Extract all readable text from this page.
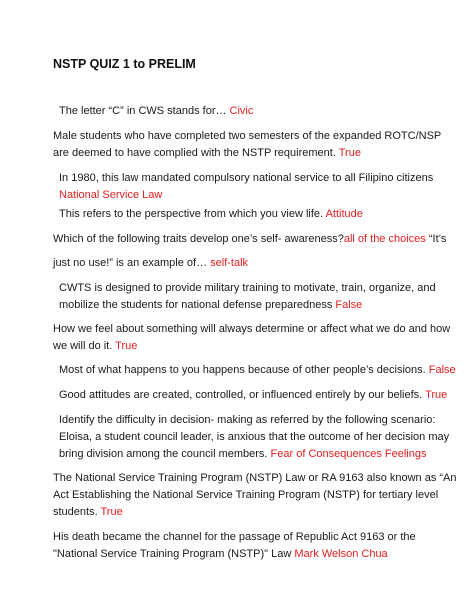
NSTP QUIZ 1 to PRELIM
The letter “C” in CWS stands for… Civic
Male students who have completed two semesters of the expanded ROTC/NSP
are deemed to have complied with the NSTP requirement. True
In 1980, this law mandated compulsory national service to all Filipino citizens
National Service Law
This refers to the perspective from which you view life. Attitude
Which of the following traits develop one’s self- awareness?all of the choices “It’s
just no use!” is an example of… self-talk
CWTS is designed to provide military training to motivate, train, organize, and
mobilize the students for national defense preparedness False
How we feel about something will always determine or affect what we do and how
we will do it. True
Most of what happens to you happens because of other people’s decisions. False
Good attitudes are created, controlled, or influenced entirely by our beliefs. True
Identify the difficulty in decision- making as referred by the following scenario:
Eloisa, a student council leader, is anxious that the outcome of her decision may
bring division among the council members. Fear of Consequences Feelings
The National Service Training Program (NSTP) Law or RA 9163 also known as “An
Act Establishing the National Service Training Program (NSTP) for tertiary level
students. True
His death became the channel for the passage of Republic Act 9163 or the
"National Service Training Program (NSTP)" Law Mark Welson Chua
